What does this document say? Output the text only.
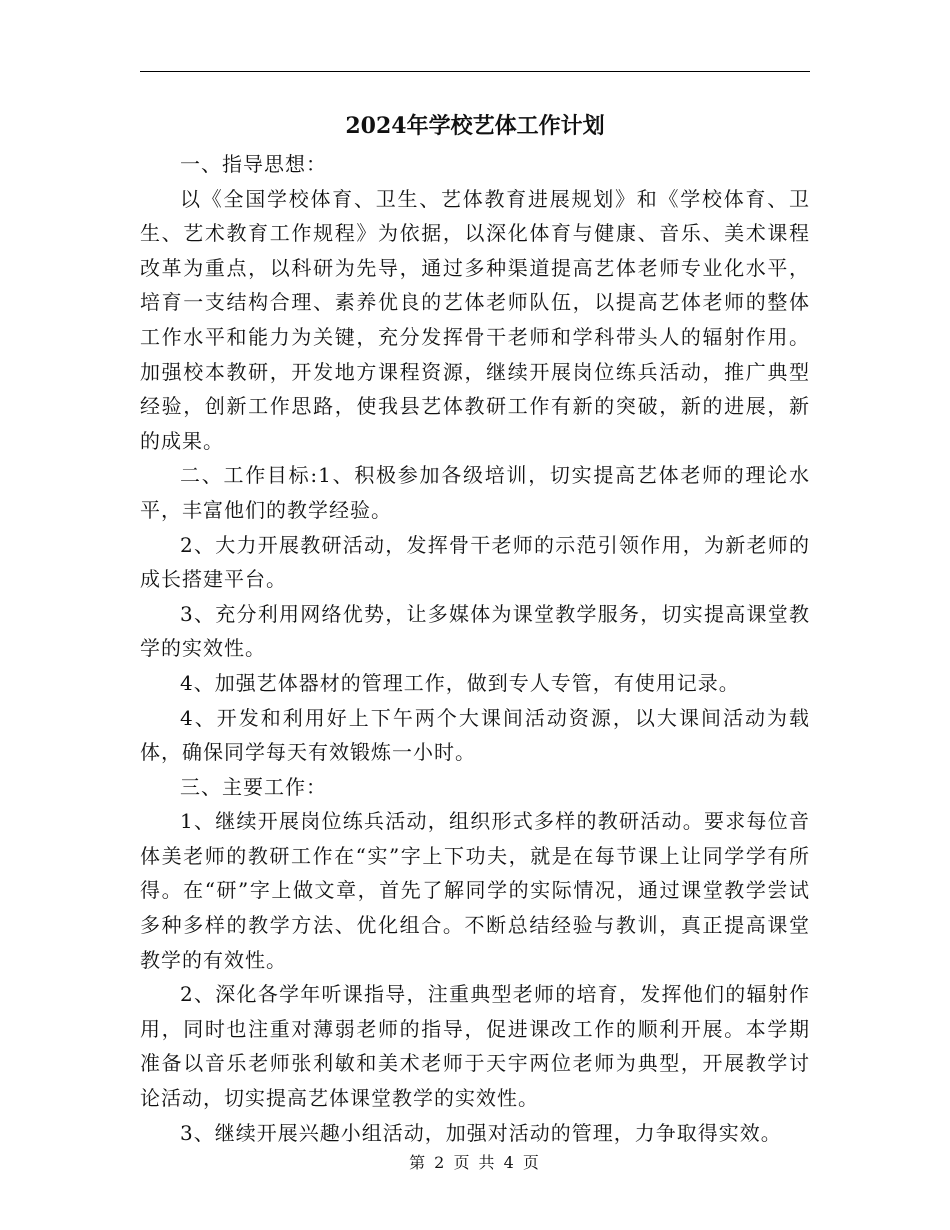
2024年学校艺体工作计划

一、指导思想：

以《全国学校体育、卫生、艺体教育进展规划》和《学校体育、卫生、艺术教育工作规程》为依据，以深化体育与健康、音乐、美术课程改革为重点，以科研为先导，通过多种渠道提高艺体老师专业化水平，培育一支结构合理、素养优良的艺体老师队伍，以提高艺体老师的整体工作水平和能力为关键，充分发挥骨干老师和学科带头人的辐射作用。加强校本教研，开发地方课程资源，继续开展岗位练兵活动，推广典型经验，创新工作思路，使我县艺体教研工作有新的突破，新的进展，新的成果。

二、工作目标:1、积极参加各级培训，切实提高艺体老师的理论水平，丰富他们的教学经验。

2、大力开展教研活动，发挥骨干老师的示范引领作用，为新老师的成长搭建平台。

3、充分利用网络优势，让多媒体为课堂教学服务，切实提高课堂教学的实效性。

4、加强艺体器材的管理工作，做到专人专管，有使用记录。

4、开发和利用好上下午两个大课间活动资源，以大课间活动为载体，确保同学每天有效锻炼一小时。

三、主要工作：

1、继续开展岗位练兵活动，组织形式多样的教研活动。要求每位音体美老师的教研工作在“实”字上下功夫，就是在每节课上让同学学有所得。在“研”字上做文章，首先了解同学的实际情况，通过课堂教学尝试多种多样的教学方法、优化组合。不断总结经验与教训，真正提高课堂教学的有效性。

2、深化各学年听课指导，注重典型老师的培育，发挥他们的辐射作用，同时也注重对薄弱老师的指导，促进课改工作的顺利开展。本学期准备以音乐老师张利敏和美术老师于天宇两位老师为典型，开展教学讨论活动，切实提高艺体课堂教学的实效性。

3、继续开展兴趣小组活动，加强对活动的管理，力争取得实效。

第 2 页 共 4 页
